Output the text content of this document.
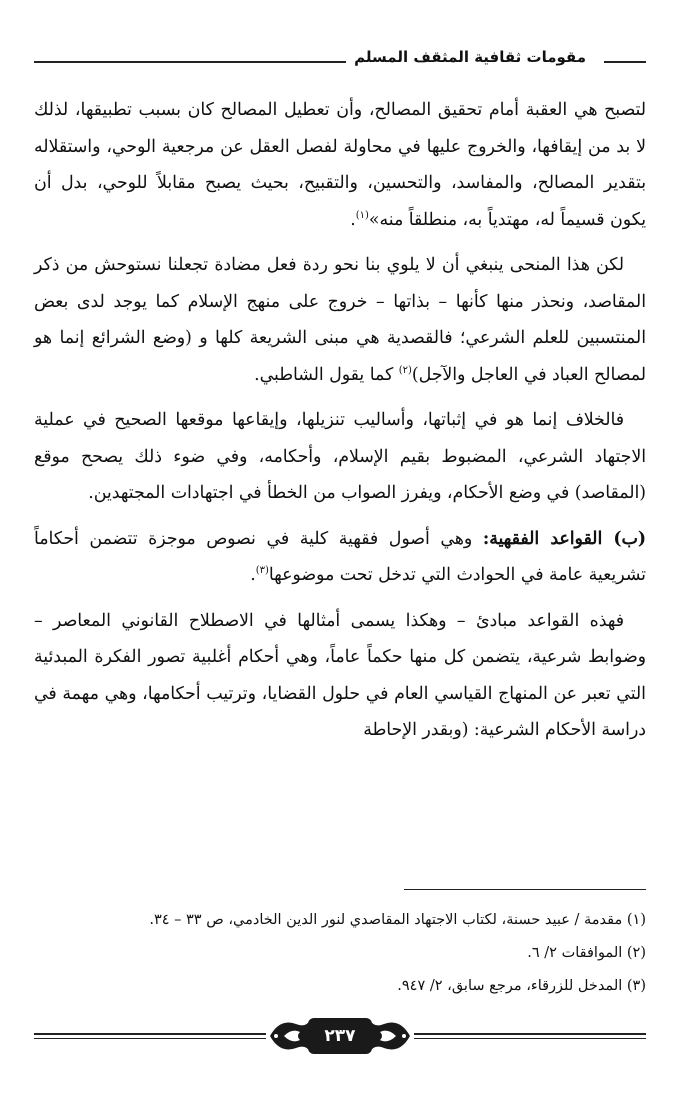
مقومات ثقافية المثقف المسلم

لتصبح هي العقبة أمام تحقيق المصالح، وأن تعطيل المصالح كان بسبب تطبيقها، لذلك لا بد من إيقافها، والخروج عليها في محاولة لفصل العقل عن مرجعية الوحي، واستقلاله بتقدير المصالح، والمفاسد، والتحسين، والتقبيح، بحيث يصبح مقابلاً للوحي، بدل أن يكون قسيماً له، مهتدياً به، منطلقاً منه»$^{(١)}$.

لكن هذا المنحى ينبغي أن لا يلوي بنا نحو ردة فعل مضادة تجعلنا نستوحش من ذكر المقاصد، ونحذر منها كأنها – بذاتها – خروج على منهج الإسلام كما يوجد لدى بعض المنتسبين للعلم الشرعي؛ فالقصدية هي مبنى الشريعة كلها و (وضع الشرائع إنما هو لمصالح العباد في العاجل والآجل)$^{(٢)}$ كما يقول الشاطبي.

فالخلاف إنما هو في إثباتها، وأساليب تنزيلها، وإيقاعها موقعها الصحيح في عملية الاجتهاد الشرعي، المضبوط بقيم الإسلام، وأحكامه، وفي ضوء ذلك يصحح موقع (المقاصد) في وضع الأحكام، ويفرز الصواب من الخطأ في اجتهادات المجتهدين.

(ب) القواعد الفقهية: وهي أصول فقهية كلية في نصوص موجزة تتضمن أحكاماً تشريعية عامة في الحوادث التي تدخل تحت موضوعها$^{(٣)}$.

فهذه القواعد مبادئ – وهكذا يسمى أمثالها في الاصطلاح القانوني المعاصر – وضوابط شرعية، يتضمن كل منها حكماً عاماً، وهي أحكام أغلبية تصور الفكرة المبدئية التي تعبر عن المنهاج القياسي العام في حلول القضايا، وترتيب أحكامها، وهي مهمة في دراسة الأحكام الشرعية: (وبقدر الإحاطة

(١) مقدمة / عبيد حسنة، لكتاب الاجتهاد المقاصدي لنور الدين الخادمي، ص ٣٣ – ٣٤.
(٢) الموافقات ٢/ ٦.
(٣) المدخل للزرقاء، مرجع سابق، ٢/ ٩٤٧.
٢٣٧
